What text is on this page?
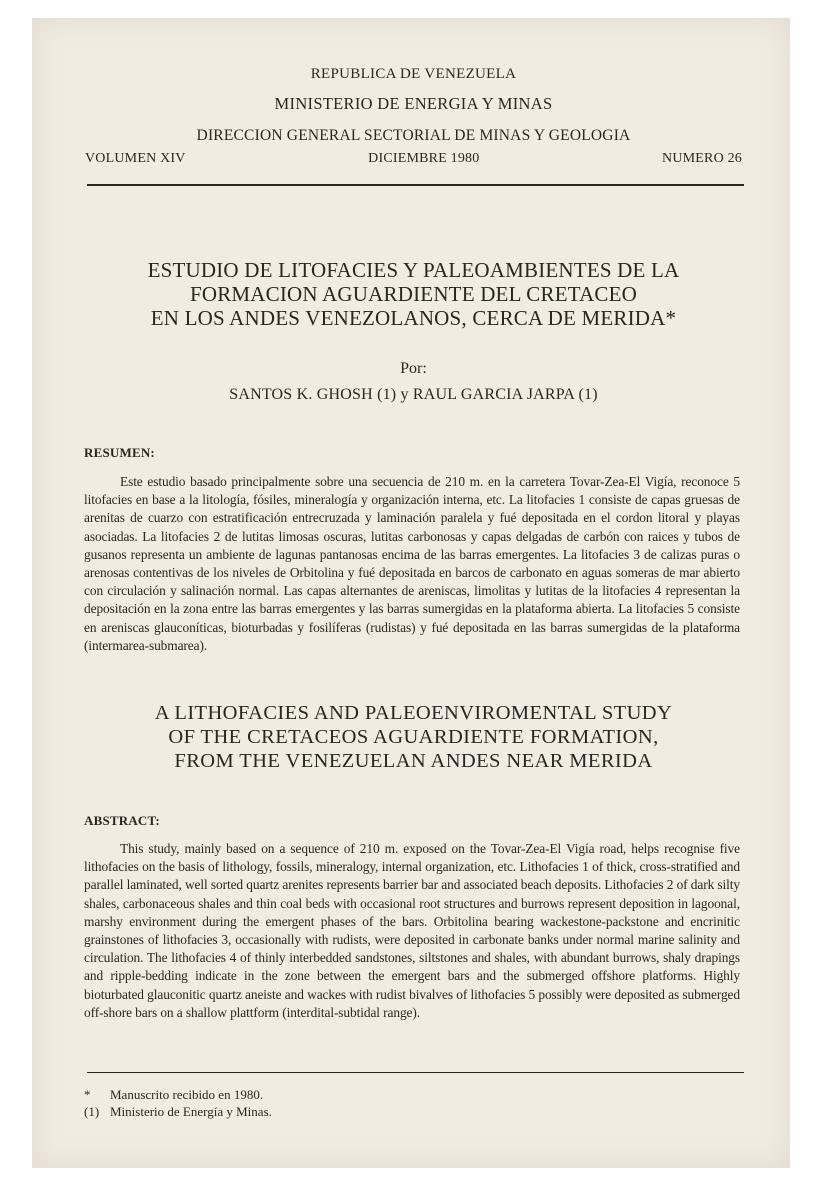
REPUBLICA DE VENEZUELA
MINISTERIO DE ENERGIA Y MINAS
DIRECCION GENERAL SECTORIAL DE MINAS Y GEOLOGIA
VOLUMEN XIV	DICIEMBRE 1980	NUMERO 26
ESTUDIO DE LITOFACIES Y PALEOAMBIENTES DE LA
FORMACION AGUARDIENTE DEL CRETACEO
EN LOS ANDES VENEZOLANOS, CERCA DE MERIDA*
Por:
SANTOS K. GHOSH (1) y RAUL GARCIA JARPA (1)
RESUMEN:
Este estudio basado principalmente sobre una secuencia de 210 m. en la carretera Tovar-Zea-El Vigía, reconoce 5 litofacies en base a la litología, fósiles, mineralogía y organización interna, etc. La litofacies 1 consiste de capas gruesas de arenitas de cuarzo con estratificación entrecruzada y laminación paralela y fué depositada en el cordon litoral y playas asociadas. La litofacies 2 de lutitas limosas oscuras, lutitas carbonosas y capas delgadas de carbón con raices y tubos de gusanos representa un ambiente de lagunas pantanosas encima de las barras emergentes. La litofacies 3 de calizas puras o arenosas contentivas de los niveles de Orbitolina y fué depositada en barcos de carbonato en aguas someras de mar abierto con circulación y salinación normal. Las capas alternantes de areniscas, limolitas y lutitas de la litofacies 4 representan la depositación en la zona entre las barras emergentes y las barras sumergidas en la plataforma abierta. La litofacies 5 consiste en areniscas glauconíticas, bioturbadas y fosilíferas (rudistas) y fué depositada en las barras sumergidas de la plataforma (intermarea-submarea).
A LITHOFACIES AND PALEOENVIROMENTAL STUDY
OF THE CRETACEOS AGUARDIENTE FORMATION,
FROM THE VENEZUELAN ANDES NEAR MERIDA
ABSTRACT:
This study, mainly based on a sequence of 210 m. exposed on the Tovar-Zea-El Vigía road, helps recognise five lithofacies on the basis of lithology, fossils, mineralogy, internal organization, etc. Lithofacies 1 of thick, cross-stratified and parallel laminated, well sorted quartz arenites represents barrier bar and associated beach deposits. Lithofacies 2 of dark silty shales, carbonaceous shales and thin coal beds with occasional root structures and burrows represent deposition in lagoonal, marshy environment during the emergent phases of the bars. Orbitolina bearing wackestone-packstone and encrinitic grainstones of lithofacies 3, occasionally with rudists, were deposited in carbonate banks under normal marine salinity and circulation. The lithofacies 4 of thinly interbedded sandstones, siltstones and shales, with abundant burrows, shaly drapings and ripple-bedding indicate in the zone between the emergent bars and the submerged offshore platforms. Highly bioturbated glauconitic quartz aneiste and wackes with rudist bivalves of lithofacies 5 possibly were deposited as submerged off-shore bars on a shallow plattform (interdital-subtidal range).
*	Manuscrito recibido en 1980.
(1) Ministerio de Energía y Minas.
